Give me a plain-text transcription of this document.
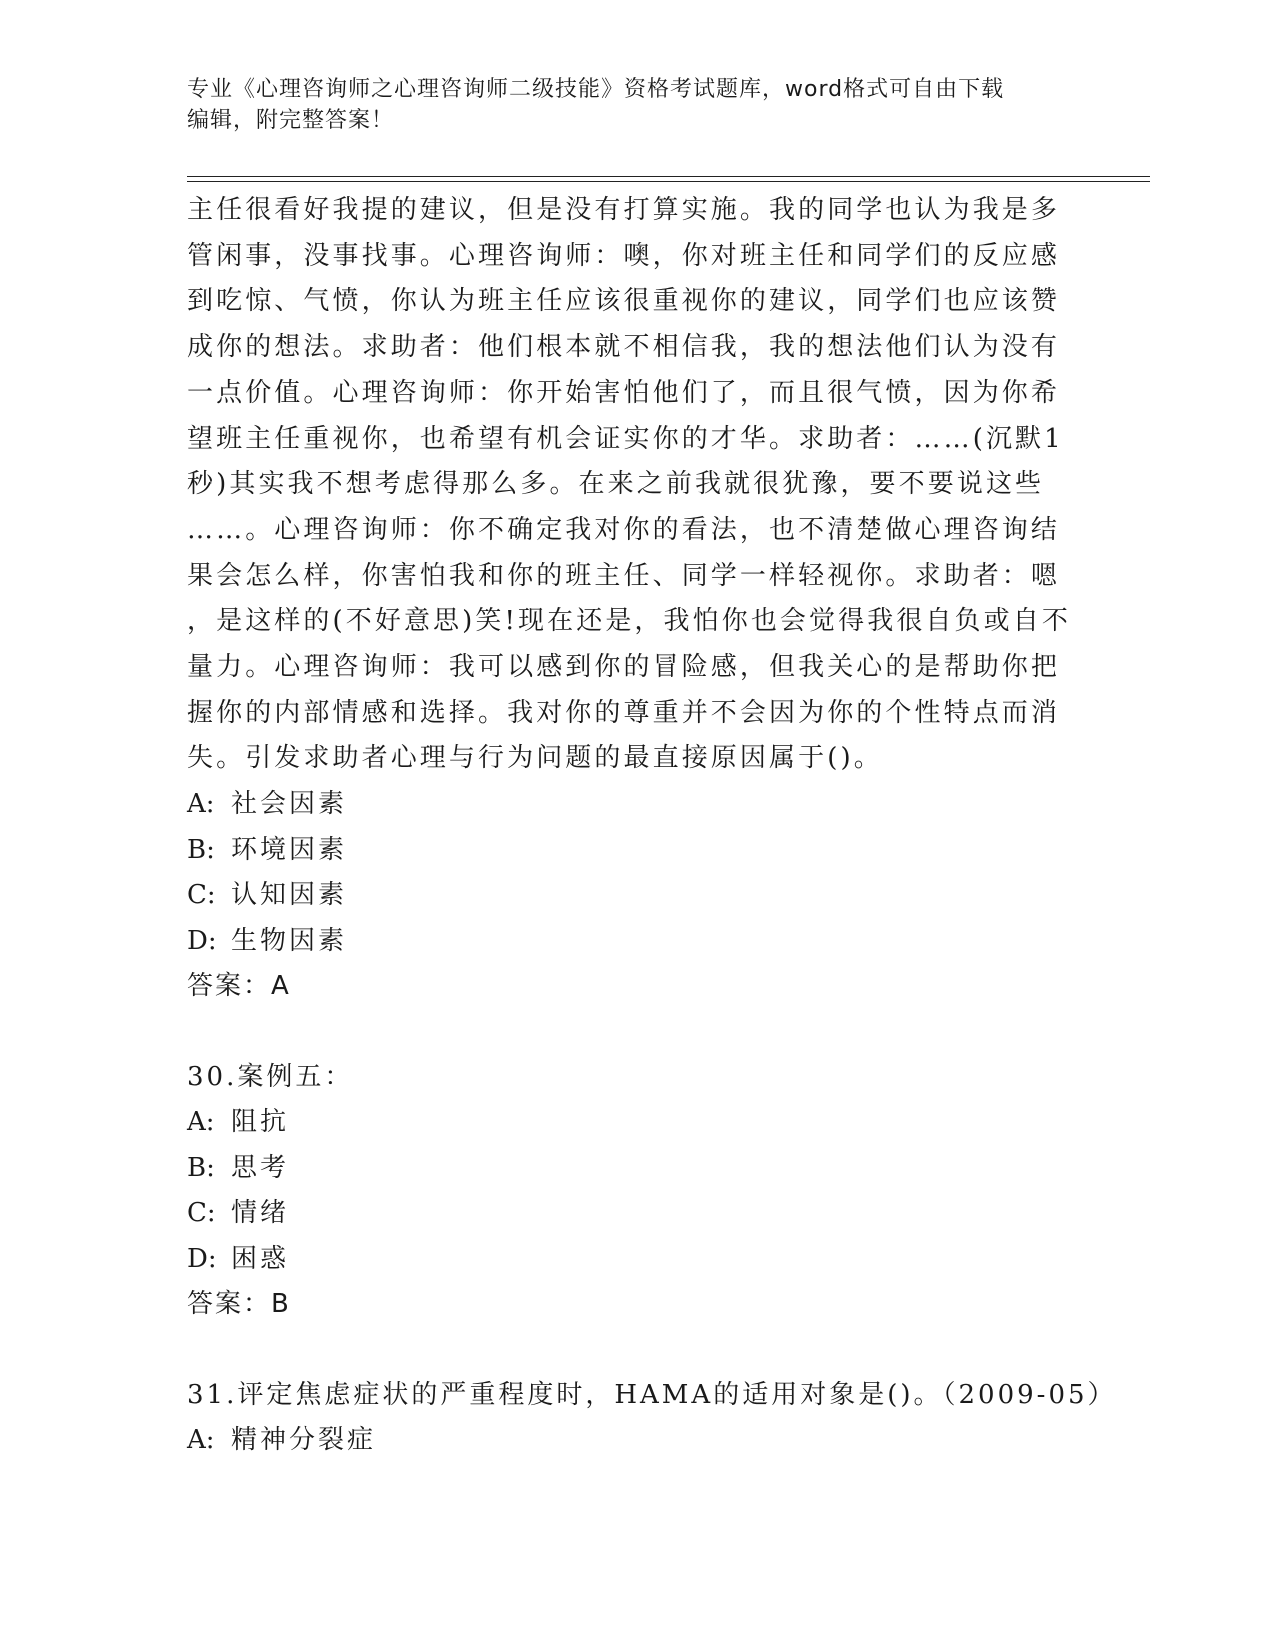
专业《心理咨询师之心理咨询师二级技能》资格考试题库，word格式可自由下载
编辑，附完整答案！
主任很看好我提的建议，但是没有打算实施。我的同学也认为我是多
管闲事，没事找事。心理咨询师：噢，你对班主任和同学们的反应感
到吃惊、气愤，你认为班主任应该很重视你的建议，同学们也应该赞
成你的想法。求助者：他们根本就不相信我，我的想法他们认为没有
一点价值。心理咨询师：你开始害怕他们了，而且很气愤，因为你希
望班主任重视你，也希望有机会证实你的才华。求助者：……(沉默1
秒)其实我不想考虑得那么多。在来之前我就很犹豫，要不要说这些
……。心理咨询师：你不确定我对你的看法，也不清楚做心理咨询结
果会怎么样，你害怕我和你的班主任、同学一样轻视你。求助者：嗯
，是这样的(不好意思)笑!现在还是，我怕你也会觉得我很自负或自不
量力。心理咨询师：我可以感到你的冒险感，但我关心的是帮助你把
握你的内部情感和选择。我对你的尊重并不会因为你的个性特点而消
失。引发求助者心理与行为问题的最直接原因属于()。
A: 社会因素
B: 环境因素
C: 认知因素
D: 生物因素
答案：A
30.案例五：
A: 阻抗
B: 思考
C: 情绪
D: 困惑
答案：B
31.评定焦虑症状的严重程度时，HAMA的适用对象是()。（2009-05）
A: 精神分裂症
